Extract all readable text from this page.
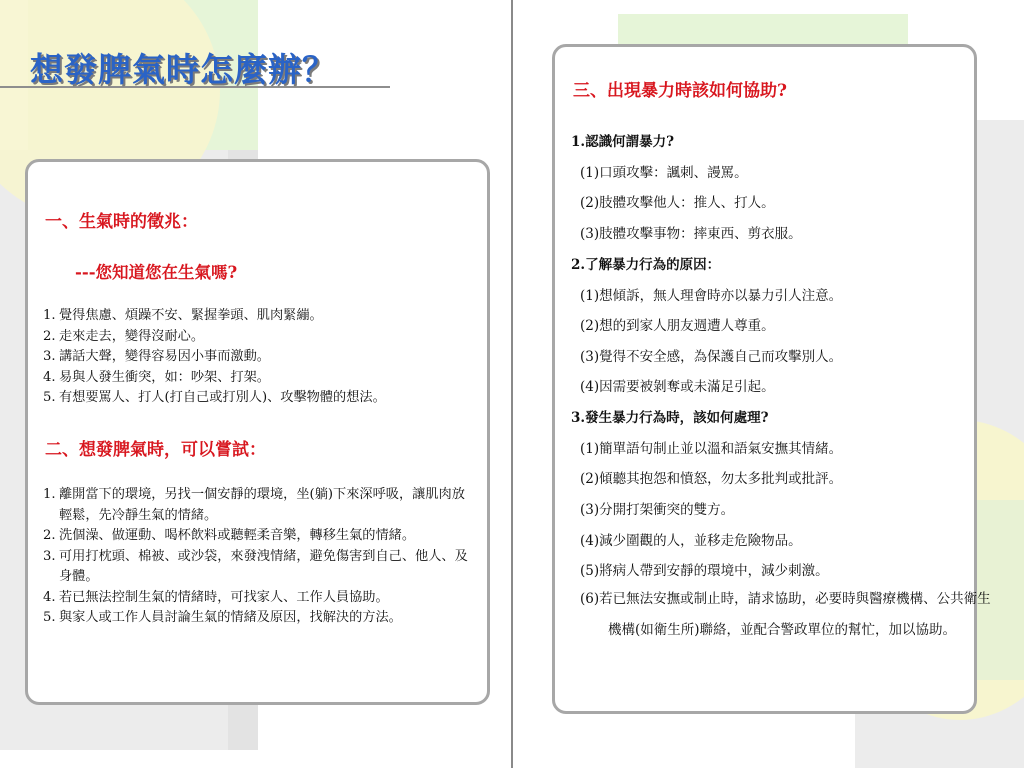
想發脾氣時怎麼辦？
一、生氣時的徵兆：
---您知道您在生氣嗎?
1. 覺得焦慮、煩躁不安、緊握拳頭、肌肉緊繃。
2. 走來走去，變得沒耐心。
3. 講話大聲，變得容易因小事而激動。
4. 易與人發生衝突，如：吵架、打架。
5. 有想要罵人、打人(打自己或打別人)、攻擊物體的想法。
二、想發脾氣時，可以嘗試：
1. 離開當下的環境，另找一個安靜的環境，坐(躺)下來深呼吸，讓肌肉放輕鬆，先冷靜生氣的情緒。
2. 洗個澡、做運動、喝杯飲料或聽輕柔音樂，轉移生氣的情緒。
3. 可用打枕頭、棉被、或沙袋，來發洩情緒，避免傷害到自己、他人、及身體。
4. 若已無法控制生氣的情緒時，可找家人、工作人員協助。
5. 與家人或工作人員討論生氣的情緒及原因，找解決的方法。
三、出現暴力時該如何協助?

1.認識何謂暴力?

(1)口頭攻擊：諷刺、謾罵。

(2)肢體攻擊他人：推人、打人。

(3)肢體攻擊事物：摔東西、剪衣服。

2.了解暴力行為的原因：

(1)想傾訴，無人理會時亦以暴力引人注意。

(2)想的到家人朋友週遭人尊重。

(3)覺得不安全感，為保護自己而攻擊別人。

(4)因需要被剝奪或未滿足引起。

3.發生暴力行為時，該如何處理?

(1)簡單語句制止並以溫和語氣安撫其情緒。

(2)傾聽其抱怨和憤怒，勿太多批判或批評。

(3)分開打架衝突的雙方。

(4)減少圍觀的人，並移走危險物品。

(5)將病人帶到安靜的環境中，減少刺激。

(6)若已無法安撫或制止時，請求協助，必要時與醫療機構、公共衛生機構(如衛生所)聯絡，並配合警政單位的幫忙，加以協助。
